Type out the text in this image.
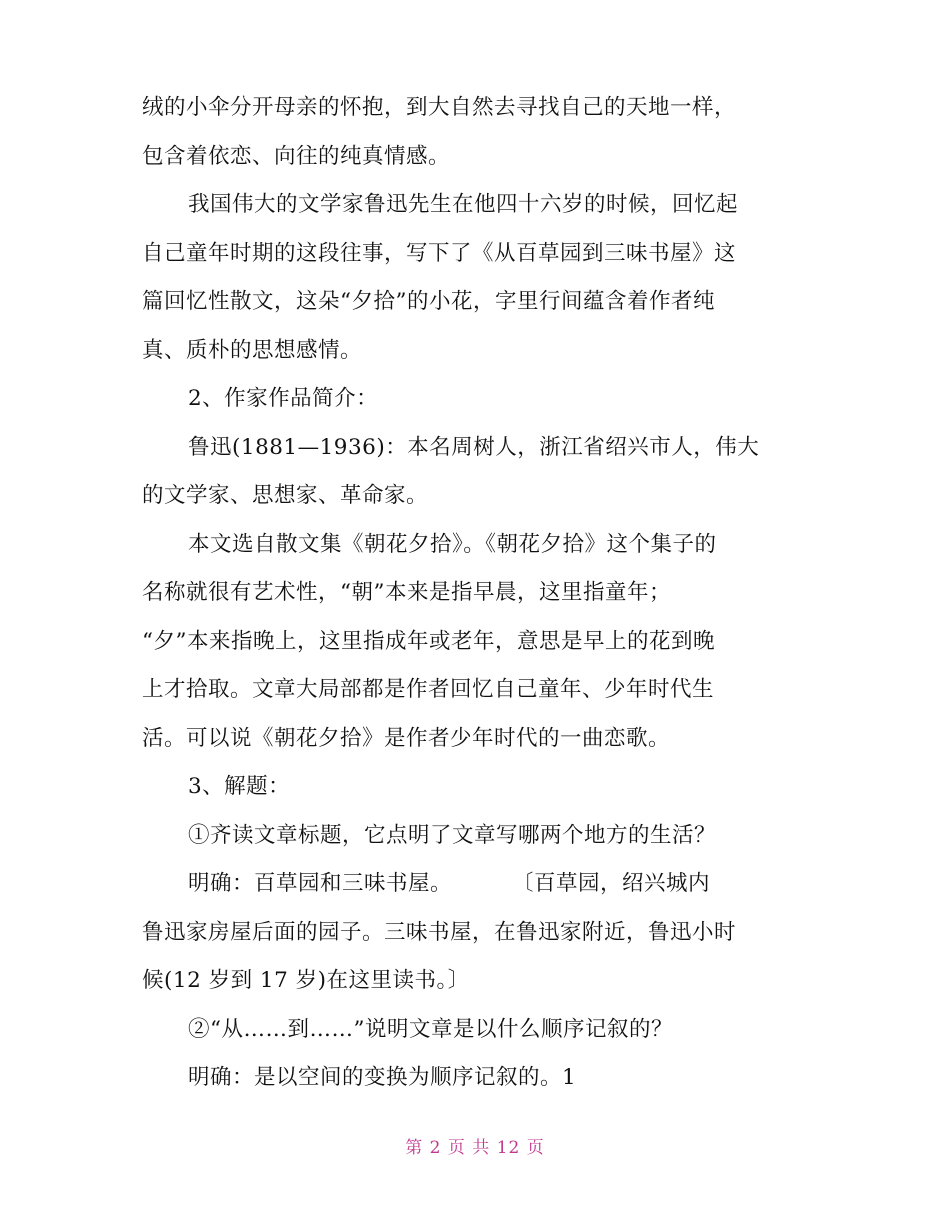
绒的小伞分开母亲的怀抱，到大自然去寻找自己的天地一样，
包含着依恋、向往的纯真情感。
我国伟大的文学家鲁迅先生在他四十六岁的时候，回忆起
自己童年时期的这段往事，写下了《从百草园到三味书屋》这
篇回忆性散文，这朵“夕拾”的小花，字里行间蕴含着作者纯
真、质朴的思想感情。
2、作家作品简介：
鲁迅(1881—1936)：本名周树人，浙江省绍兴市人，伟大
的文学家、思想家、革命家。
本文选自散文集《朝花夕拾》。《朝花夕拾》这个集子的
名称就很有艺术性，“朝”本来是指早晨，这里指童年；
“夕”本来指晚上，这里指成年或老年，意思是早上的花到晚
上才拾取。文章大局部都是作者回忆自己童年、少年时代生
活。可以说《朝花夕拾》是作者少年时代的一曲恋歌。
3、解题：
①齐读文章标题，它点明了文章写哪两个地方的生活？
明确：百草园和三味书屋。	〔百草园，绍兴城内
鲁迅家房屋后面的园子。三味书屋，在鲁迅家附近，鲁迅小时
候(12 岁到 17 岁)在这里读书。〕
②“从……到……”说明文章是以什么顺序记叙的？
明确：是以空间的变换为顺序记叙的。1
第 2 页 共 12 页
